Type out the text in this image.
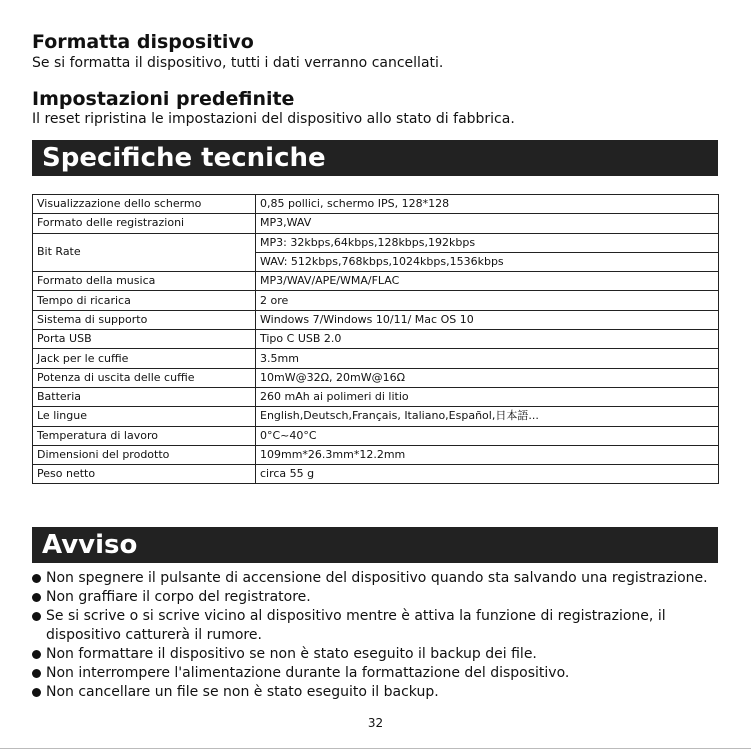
Formatta dispositivo

Se si formatta il dispositivo, tutti i dati verranno cancellati.

Impostazioni predefinite

Il reset ripristina le impostazioni del dispositivo allo stato di fabbrica.

Specifiche tecniche
Visualizzazione dello schermo	0,85 pollici, schermo IPS, 128*128
Formato delle registrazioni	MP3,WAV
Bit Rate	MP3: 32kbps,64kbps,128kbps,192kbps
	WAV: 512kbps,768kbps,1024kbps,1536kbps
Formato della musica	MP3/WAV/APE/WMA/FLAC
Tempo di ricarica	2 ore
Sistema di supporto	Windows 7/Windows 10/11/ Mac OS 10
Porta USB	Tipo C USB 2.0
Jack per le cuffie	3.5mm
Potenza di uscita delle cuffie	10mW@32Ω, 20mW@16Ω
Batteria	260 mAh ai polimeri di litio
Le lingue	English,Deutsch,Français, Italiano,Español,日本語...
Temperatura di lavoro	0°C~40°C
Dimensioni del prodotto	109mm*26.3mm*12.2mm
Peso netto	circa 55 g
Avviso
Non spegnere il pulsante di accensione del dispositivo quando sta salvando una registrazione.
Non graffiare il corpo del registratore.
Se si scrive o si scrive vicino al dispositivo mentre è attiva la funzione di registrazione, il dispositivo catturerà il rumore.
Non formattare il dispositivo se non è stato eseguito il backup dei file.
Non interrompere l'alimentazione durante la formattazione del dispositivo.
Non cancellare un file se non è stato eseguito il backup.
32
